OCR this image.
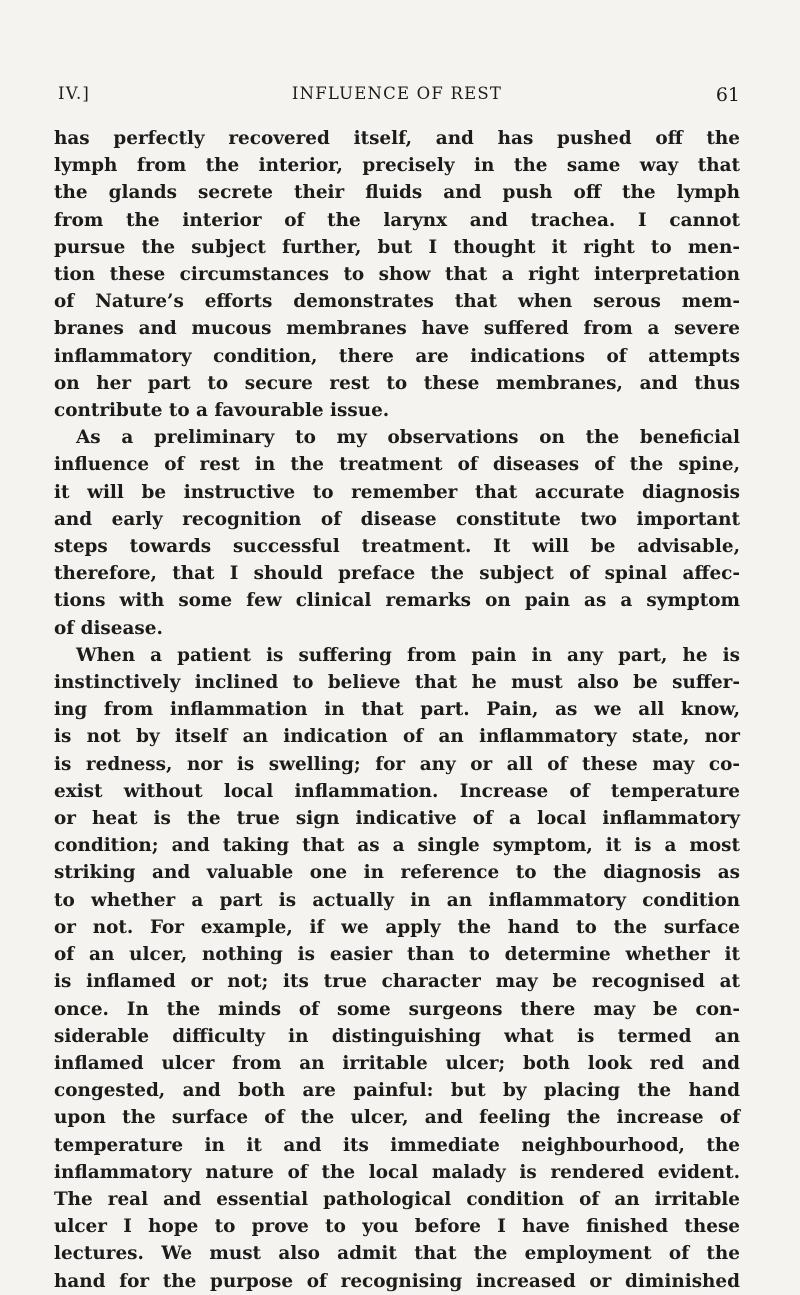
IV.]	INFLUENCE OF REST	61
has perfectly recovered itself, and has pushed off the
lymph from the interior, precisely in the same way that
the glands secrete their fluids and push off the lymph
from the interior of the larynx and trachea. I cannot
pursue the subject further, but I thought it right to men-
tion these circumstances to show that a right interpretation
of Nature’s efforts demonstrates that when serous mem-
branes and mucous membranes have suffered from a severe
inflammatory condition, there are indications of attempts
on her part to secure rest to these membranes, and thus
contribute to a favourable issue.
As a preliminary to my observations on the beneficial
influence of rest in the treatment of diseases of the spine,
it will be instructive to remember that accurate diagnosis
and early recognition of disease constitute two important
steps towards successful treatment. It will be advisable,
therefore, that I should preface the subject of spinal affec-
tions with some few clinical remarks on pain as a symptom
of disease.
When a patient is suffering from pain in any part, he is
instinctively inclined to believe that he must also be suffer-
ing from inflammation in that part. Pain, as we all know,
is not by itself an indication of an inflammatory state, nor
is redness, nor is swelling; for any or all of these may co-
exist without local inflammation. Increase of temperature
or heat is the true sign indicative of a local inflammatory
condition; and taking that as a single symptom, it is a most
striking and valuable one in reference to the diagnosis as
to whether a part is actually in an inflammatory condition
or not. For example, if we apply the hand to the surface
of an ulcer, nothing is easier than to determine whether it
is inflamed or not; its true character may be recognised at
once. In the minds of some surgeons there may be con-
siderable difficulty in distinguishing what is termed an
inflamed ulcer from an irritable ulcer; both look red and
congested, and both are painful: but by placing the hand
upon the surface of the ulcer, and feeling the increase of
temperature in it and its immediate neighbourhood, the
inflammatory nature of the local malady is rendered evident.
The real and essential pathological condition of an irritable
ulcer I hope to prove to you before I have finished these
lectures. We must also admit that the employment of the
hand for the purpose of recognising increased or diminished
